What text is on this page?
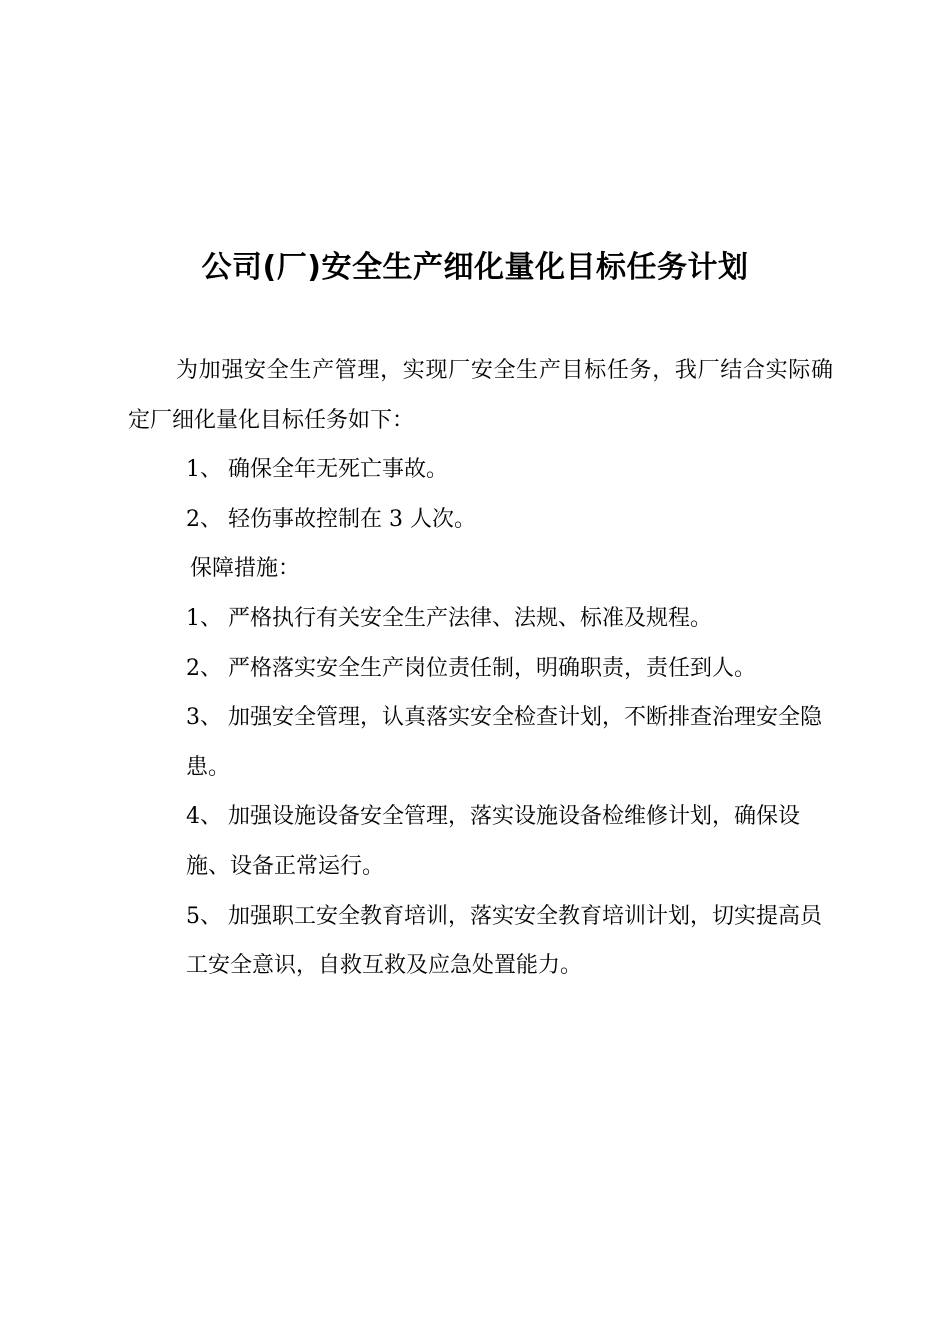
公司(厂)安全生产细化量化目标任务计划

为加强安全生产管理，实现厂安全生产目标任务，我厂结合实际确定厂细化量化目标任务如下：

1、 确保全年无死亡事故。

2、 轻伤事故控制在 3 人次。

保障措施：

1、 严格执行有关安全生产法律、法规、标准及规程。
2、 严格落实安全生产岗位责任制，明确职责，责任到人。
3、 加强安全管理，认真落实安全检查计划，不断排查治理安全隐患。
4、 加强设施设备安全管理，落实设施设备检维修计划，确保设施、设备正常运行。
5、 加强职工安全教育培训，落实安全教育培训计划，切实提高员工安全意识，自救互救及应急处置能力。
